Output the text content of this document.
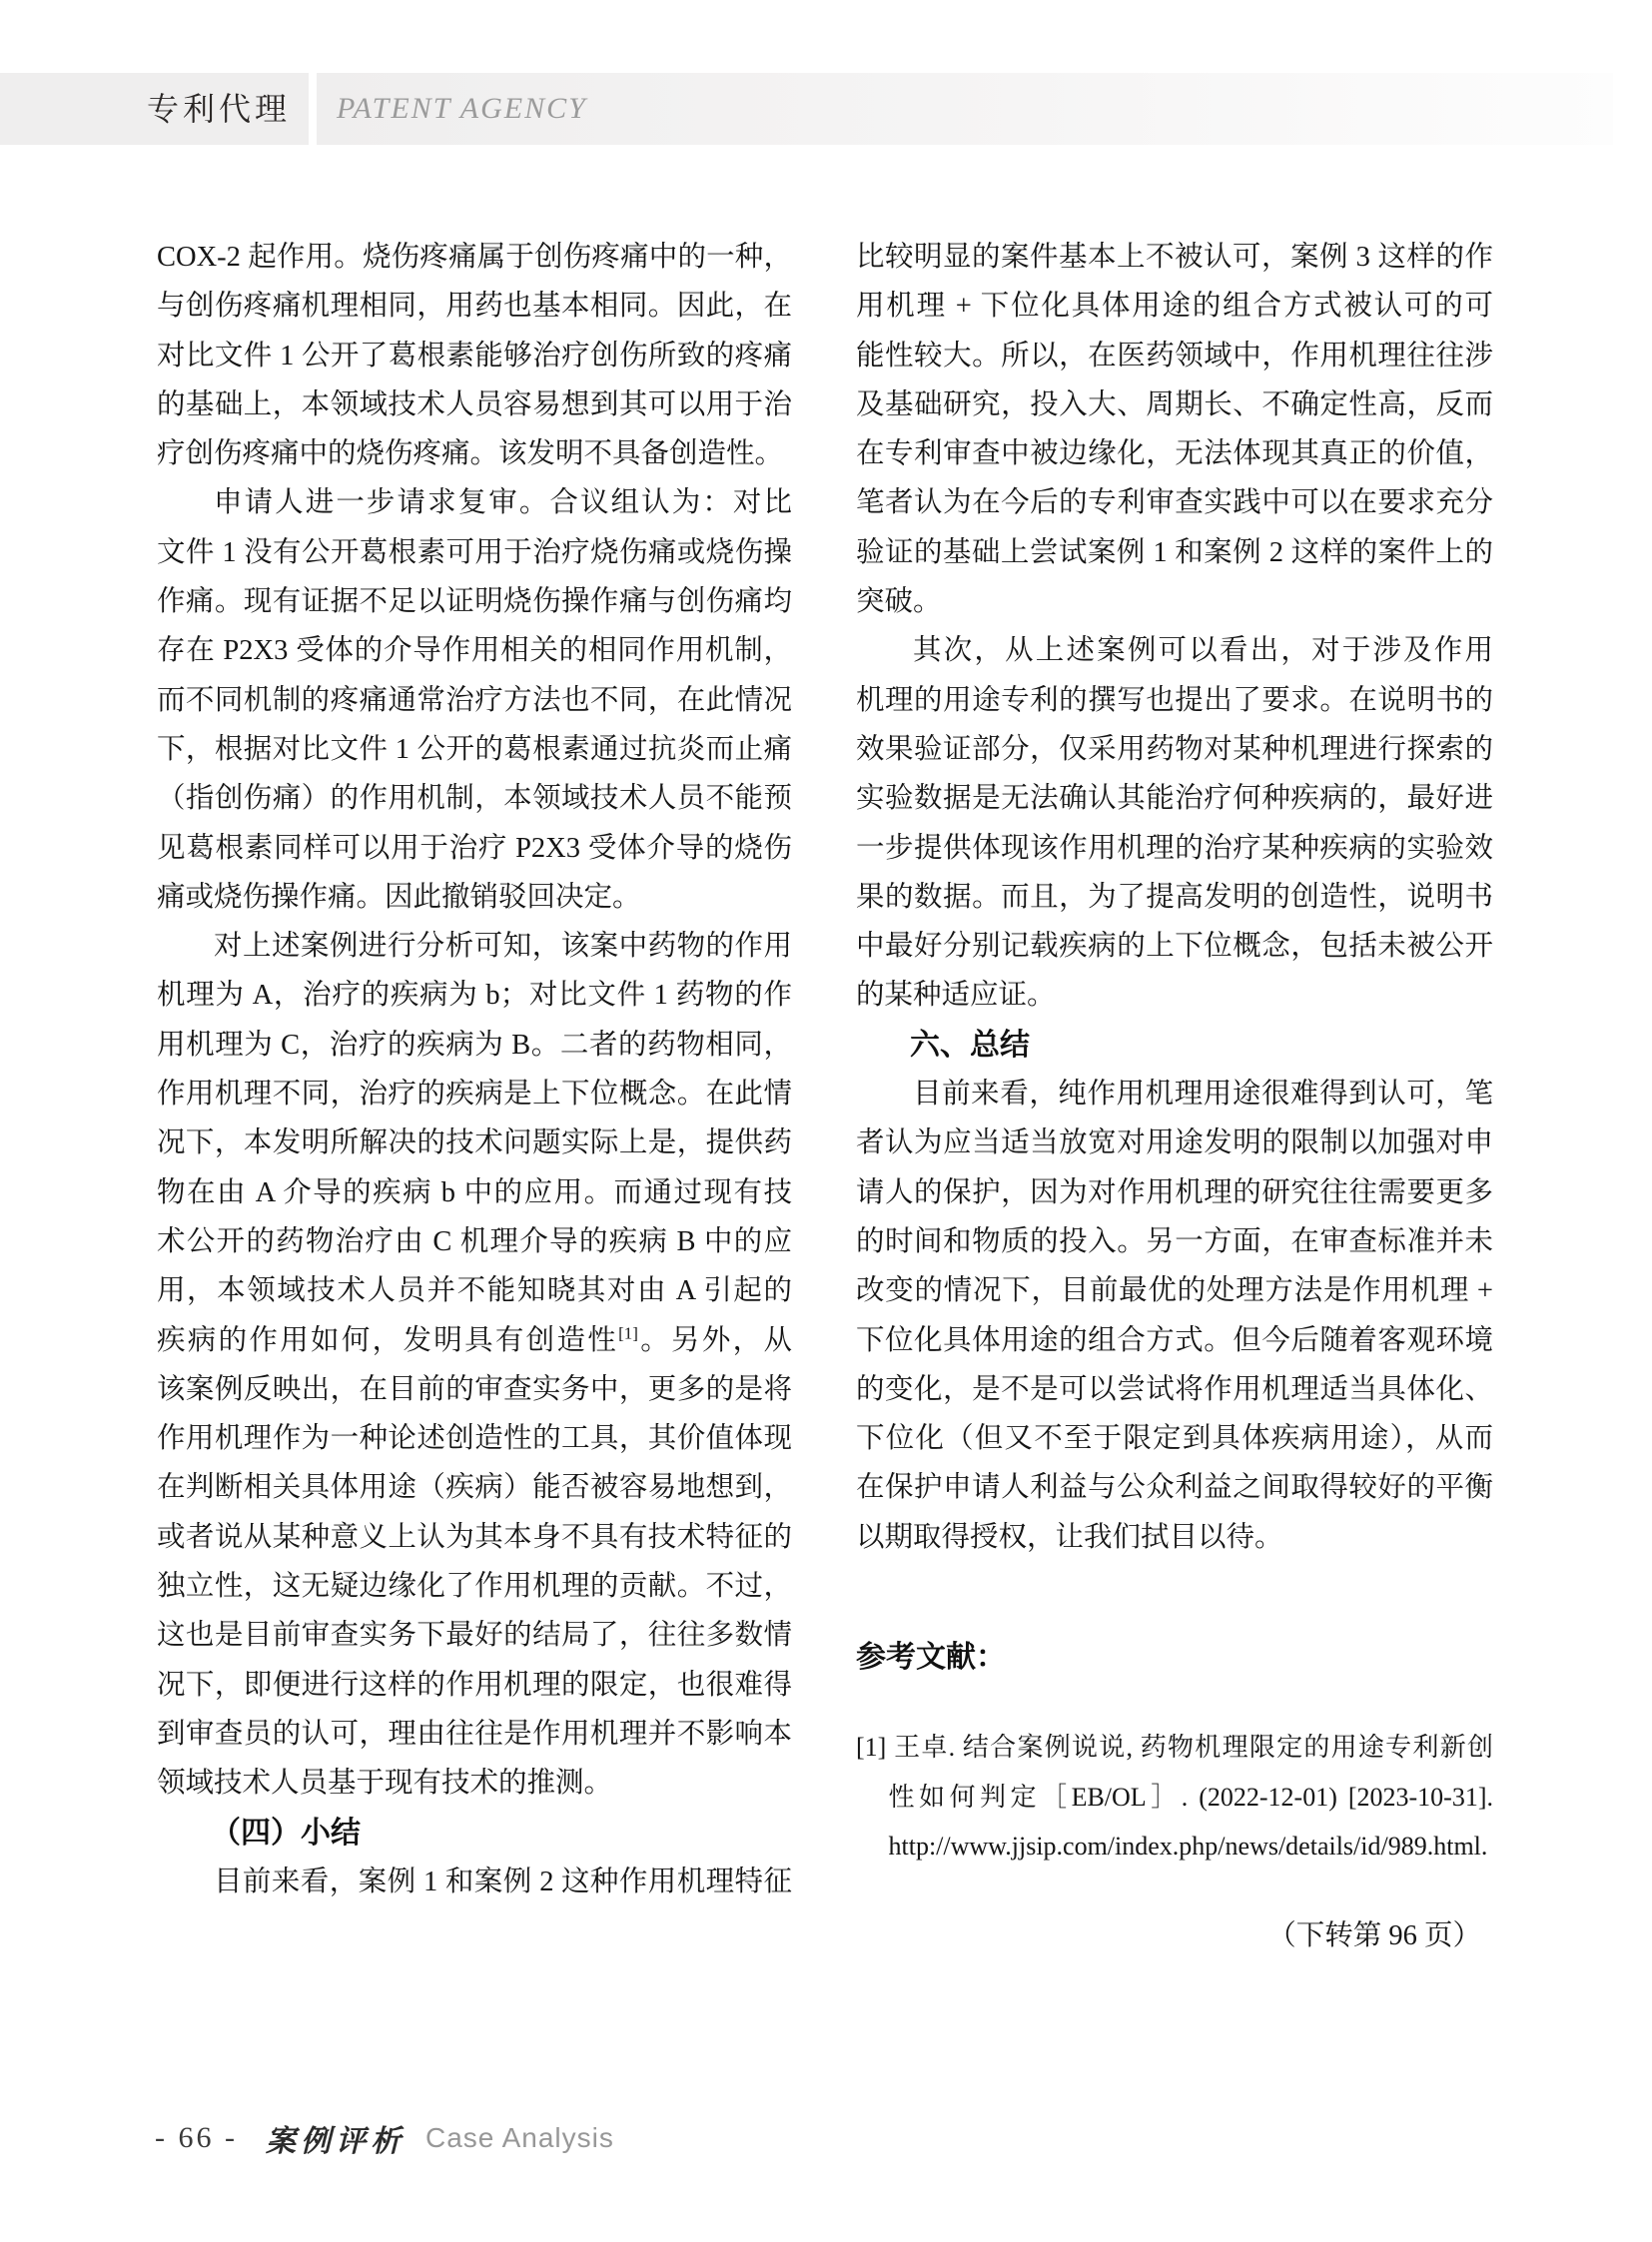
专利代理	PATENT AGENCY
COX-2 起作用。烧伤疼痛属于创伤疼痛中的一种，
与创伤疼痛机理相同，用药也基本相同。因此，在
对比文件 1 公开了葛根素能够治疗创伤所致的疼痛
的基础上，本领域技术人员容易想到其可以用于治
疗创伤疼痛中的烧伤疼痛。该发明不具备创造性。
申请人进一步请求复审。合议组认为：对比
文件 1 没有公开葛根素可用于治疗烧伤痛或烧伤操
作痛。现有证据不足以证明烧伤操作痛与创伤痛均
存在 P2X3 受体的介导作用相关的相同作用机制，
而不同机制的疼痛通常治疗方法也不同，在此情况
下，根据对比文件 1 公开的葛根素通过抗炎而止痛
（指创伤痛）的作用机制，本领域技术人员不能预
见葛根素同样可以用于治疗 P2X3 受体介导的烧伤
痛或烧伤操作痛。因此撤销驳回决定。
对上述案例进行分析可知，该案中药物的作用
机理为 A，治疗的疾病为 b；对比文件 1 药物的作
用机理为 C，治疗的疾病为 B。二者的药物相同，
作用机理不同，治疗的疾病是上下位概念。在此情
况下，本发明所解决的技术问题实际上是，提供药
物在由 A 介导的疾病 b 中的应用。而通过现有技
术公开的药物治疗由 C 机理介导的疾病 B 中的应
用，本领域技术人员并不能知晓其对由 A 引起的
疾病的作用如何，发明具有创造性[1]。另外，从
该案例反映出，在目前的审查实务中，更多的是将
作用机理作为一种论述创造性的工具，其价值体现
在判断相关具体用途（疾病）能否被容易地想到，
或者说从某种意义上认为其本身不具有技术特征的
独立性，这无疑边缘化了作用机理的贡献。不过，
这也是目前审查实务下最好的结局了，往往多数情
况下，即便进行这样的作用机理的限定，也很难得
到审查员的认可，理由往往是作用机理并不影响本
领域技术人员基于现有技术的推测。
（四）小结
目前来看，案例 1 和案例 2 这种作用机理特征
比较明显的案件基本上不被认可，案例 3 这样的作
用机理 + 下位化具体用途的组合方式被认可的可
能性较大。所以，在医药领域中，作用机理往往涉
及基础研究，投入大、周期长、不确定性高，反而
在专利审查中被边缘化，无法体现其真正的价值，
笔者认为在今后的专利审查实践中可以在要求充分
验证的基础上尝试案例 1 和案例 2 这样的案件上的
突破。
其次，从上述案例可以看出，对于涉及作用
机理的用途专利的撰写也提出了要求。在说明书的
效果验证部分，仅采用药物对某种机理进行探索的
实验数据是无法确认其能治疗何种疾病的，最好进
一步提供体现该作用机理的治疗某种疾病的实验效
果的数据。而且，为了提高发明的创造性，说明书
中最好分别记载疾病的上下位概念，包括未被公开
的某种适应证。
六、总结
目前来看，纯作用机理用途很难得到认可，笔
者认为应当适当放宽对用途发明的限制以加强对申
请人的保护，因为对作用机理的研究往往需要更多
的时间和物质的投入。另一方面，在审查标准并未
改变的情况下，目前最优的处理方法是作用机理 +
下位化具体用途的组合方式。但今后随着客观环境
的变化，是不是可以尝试将作用机理适当具体化、
下位化（但又不至于限定到具体疾病用途），从而
在保护申请人利益与公众利益之间取得较好的平衡
以期取得授权，让我们拭目以待。
参考文献：
[1] 王卓. 结合案例说说, 药物机理限定的用途专利新创
性如何判定［EB/OL］. (2022-12-01) [2023-10-31].
http://www.jjsip.com/index.php/news/details/id/989.html.
（下转第 96 页）
- 66 - 案例评析 Case Analysis
